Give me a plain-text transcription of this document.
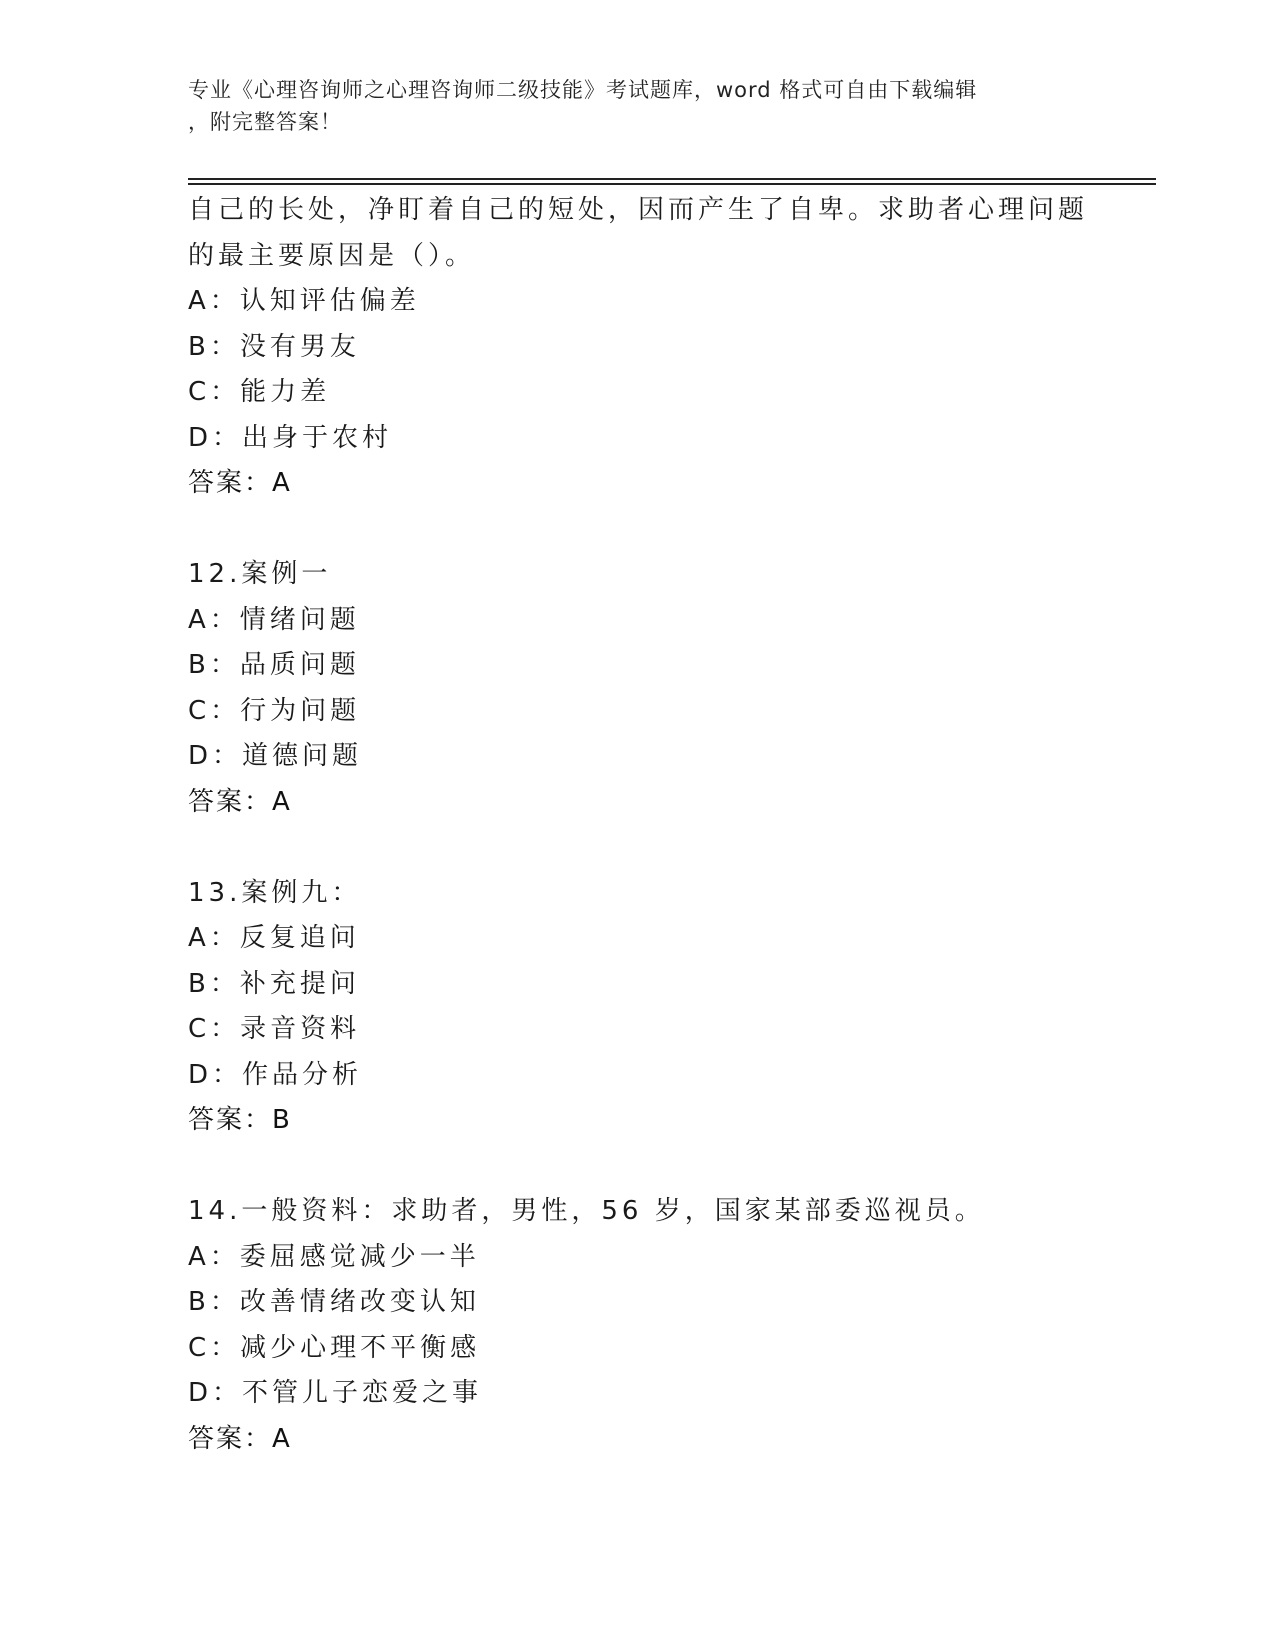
专业《心理咨询师之心理咨询师二级技能》考试题库，word 格式可自由下载编辑
，附完整答案！
自己的长处，净盯着自己的短处，因而产生了自卑。求助者心理问题
的最主要原因是（）。
A：认知评估偏差
B：没有男友
C：能力差
D：出身于农村
答案：A
12.案例一
A：情绪问题
B：品质问题
C：行为问题
D：道德问题
答案：A
13.案例九：
A：反复追问
B：补充提问
C：录音资料
D：作品分析
答案：B
14.一般资料：求助者，男性，56 岁，国家某部委巡视员。
A：委屈感觉减少一半
B：改善情绪改变认知
C：减少心理不平衡感
D：不管儿子恋爱之事
答案：A
